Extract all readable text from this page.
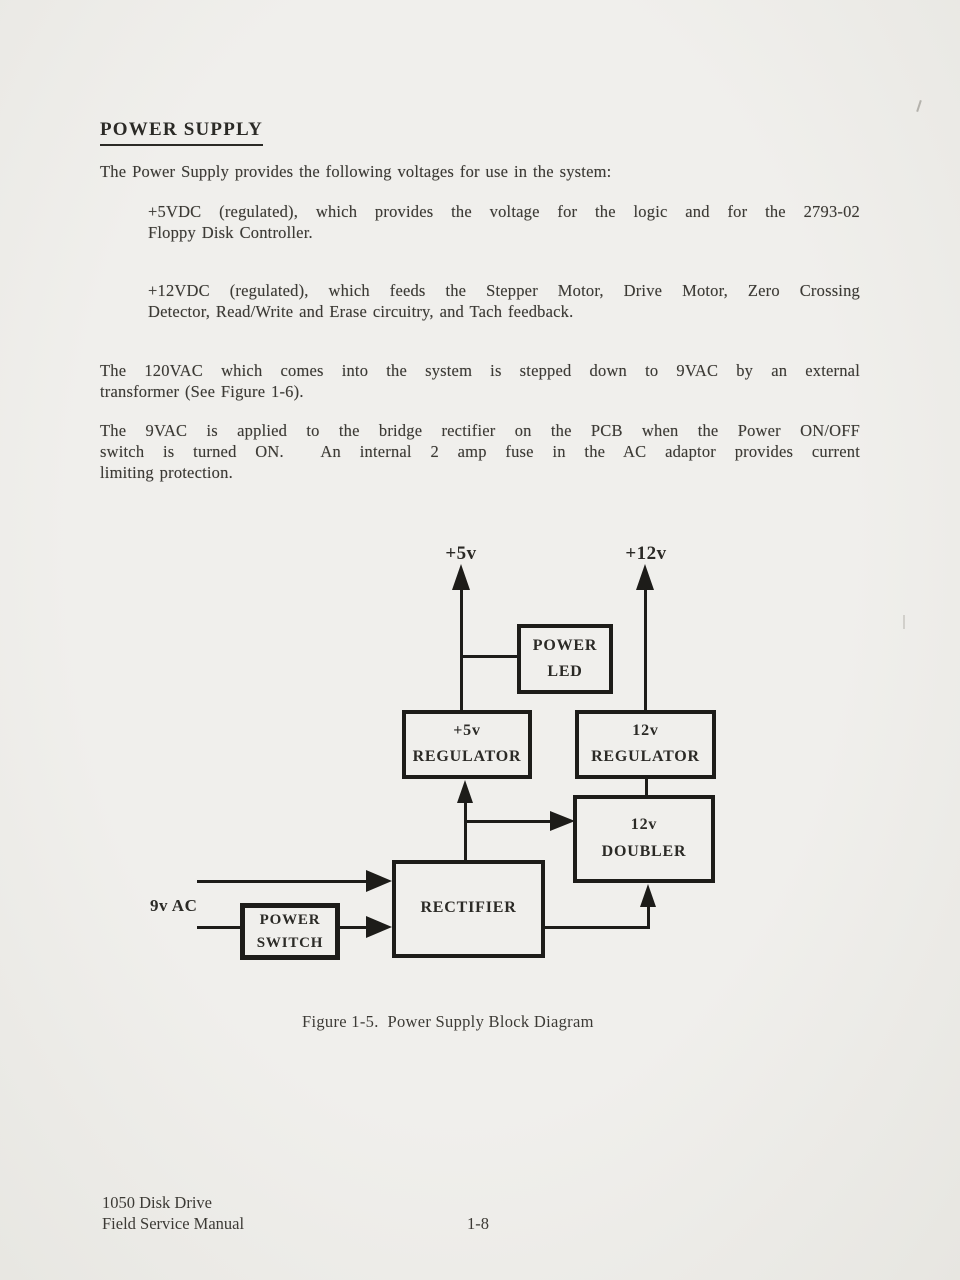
POWER SUPPLY
The Power Supply provides the following voltages for use in the system:
+5VDC (regulated), which provides the voltage for the logic and for the 2793-02
Floppy Disk Controller.
+12VDC (regulated), which feeds the Stepper Motor, Drive Motor, Zero Crossing
Detector, Read/Write and Erase circuitry, and Tach feedback.
The 120VAC which comes into the system is stepped down to 9VAC by an external
transformer (See Figure 1-6).
The 9VAC is applied to the bridge rectifier on the PCB when the Power ON/OFF
switch is turned ON.  An internal 2 amp fuse in the AC adaptor provides current
limiting protection.
+5v	+12v
POWER
LED
+5v
REGULATOR
12v
REGULATOR
12v
DOUBLER
RECTIFIER
9v AC
POWER
SWITCH
Figure 1-5.  Power Supply Block Diagram
1050 Disk Drive
Field Service Manual	1-8
